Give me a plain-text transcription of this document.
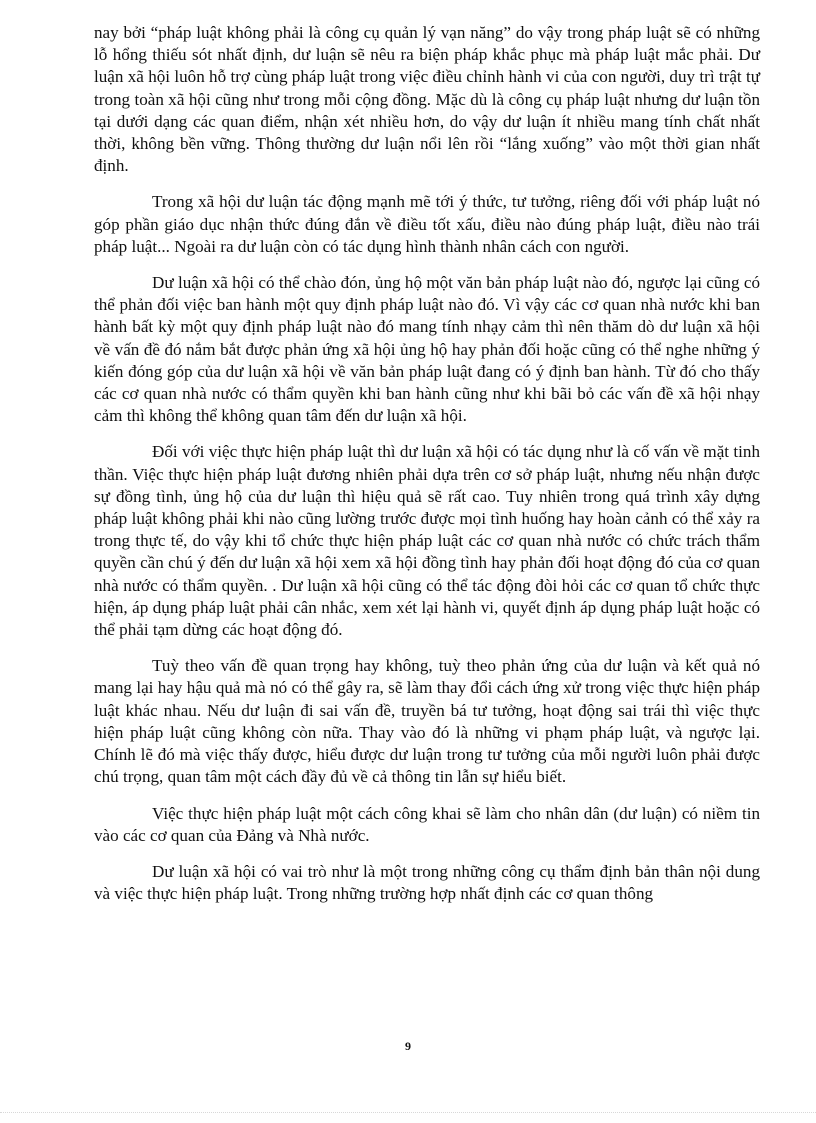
nay bởi “pháp luật không phải là công cụ quản lý vạn năng” do vậy trong pháp luật sẽ có những lỗ hổng thiếu sót nhất định, dư luận sẽ nêu ra biện pháp khắc phục mà pháp luật mắc phải. Dư luận xã hội luôn hỗ trợ cùng pháp luật trong việc điều chỉnh hành vi của con người, duy trì trật tự trong toàn xã hội cũng như trong mỗi cộng đồng. Mặc dù là công cụ pháp luật nhưng dư luận tồn tại dưới dạng các quan điểm, nhận xét nhiều hơn, do vậy dư luận ít nhiều mang tính chất nhất thời, không bền vững. Thông thường dư luận nổi lên rồi “lắng xuống” vào một thời gian nhất định.

Trong xã hội dư luận tác động mạnh mẽ tới ý thức, tư tưởng, riêng đối với pháp luật nó góp phần giáo dục nhận thức đúng đắn về điều tốt xấu, điều nào đúng pháp luật, điều nào trái pháp luật... Ngoài ra dư luận còn có tác dụng hình thành nhân cách con người.

Dư luận xã hội có thể chào đón, ủng hộ một văn bản pháp luật nào đó, ngược lại cũng có thể phản đối việc ban hành một quy định pháp luật nào đó. Vì vậy các cơ quan nhà nước khi ban hành bất kỳ một quy định pháp luật nào đó mang tính nhạy cảm thì nên thăm dò dư luận xã hội về vấn đề đó nắm bắt được phản ứng xã hội ủng hộ hay phản đối hoặc cũng có thể nghe những ý kiến đóng góp của dư luận xã hội về văn bản pháp luật đang có ý định ban hành. Từ đó cho thấy các cơ quan nhà nước có thẩm quyền khi ban hành cũng như khi bãi bỏ các vấn đề xã hội nhạy cảm thì không thể không quan tâm đến dư luận xã hội.

Đối với việc thực hiện pháp luật thì dư luận xã hội có tác dụng như là cố vấn về mặt tinh thần. Việc thực hiện pháp luật đương nhiên phải dựa trên cơ sở pháp luật, nhưng nếu nhận được sự đồng tình, ủng hộ của dư luận thì hiệu quả sẽ rất cao. Tuy nhiên trong quá trình xây dựng pháp luật không phải khi nào cũng lường trước được mọi tình huống hay hoàn cảnh có thể xảy ra trong thực tế, do vậy khi tổ chức thực hiện pháp luật các cơ quan nhà nước có chức trách thẩm quyền cần chú ý đến dư luận xã hội xem xã hội đồng tình hay phản đối hoạt động đó của cơ quan nhà nước có thẩm quyền. . Dư luận xã hội cũng có thể tác động đòi hỏi các cơ quan tổ chức thực hiện, áp dụng pháp luật phải cân nhắc, xem xét lại hành vi, quyết định áp dụng pháp luật hoặc có thể phải tạm dừng các hoạt động đó.

Tuỳ theo vấn đề quan trọng hay không, tuỳ theo phản ứng của dư luận và kết quả nó mang lại hay hậu quả mà nó có thể gây ra, sẽ làm thay đổi cách ứng xử trong việc thực hiện pháp luật khác nhau. Nếu dư luận đi sai vấn đề, truyền bá tư tưởng, hoạt động sai trái thì việc thực hiện pháp luật cũng không còn nữa. Thay vào đó là những vi phạm pháp luật, và ngược lại. Chính lẽ đó mà việc thấy được, hiểu được dư luận trong tư tưởng của mỗi người luôn phải được chú trọng, quan tâm một cách đầy đủ về cả thông tin lẫn sự hiểu biết.

Việc thực hiện pháp luật một cách công khai sẽ làm cho nhân dân (dư luận) có niềm tin vào các cơ quan của Đảng và Nhà nước.

Dư luận xã hội có vai trò như là một trong những công cụ thẩm định bản thân nội dung và việc thực hiện pháp luật. Trong những trường hợp nhất định các cơ quan thông

9
